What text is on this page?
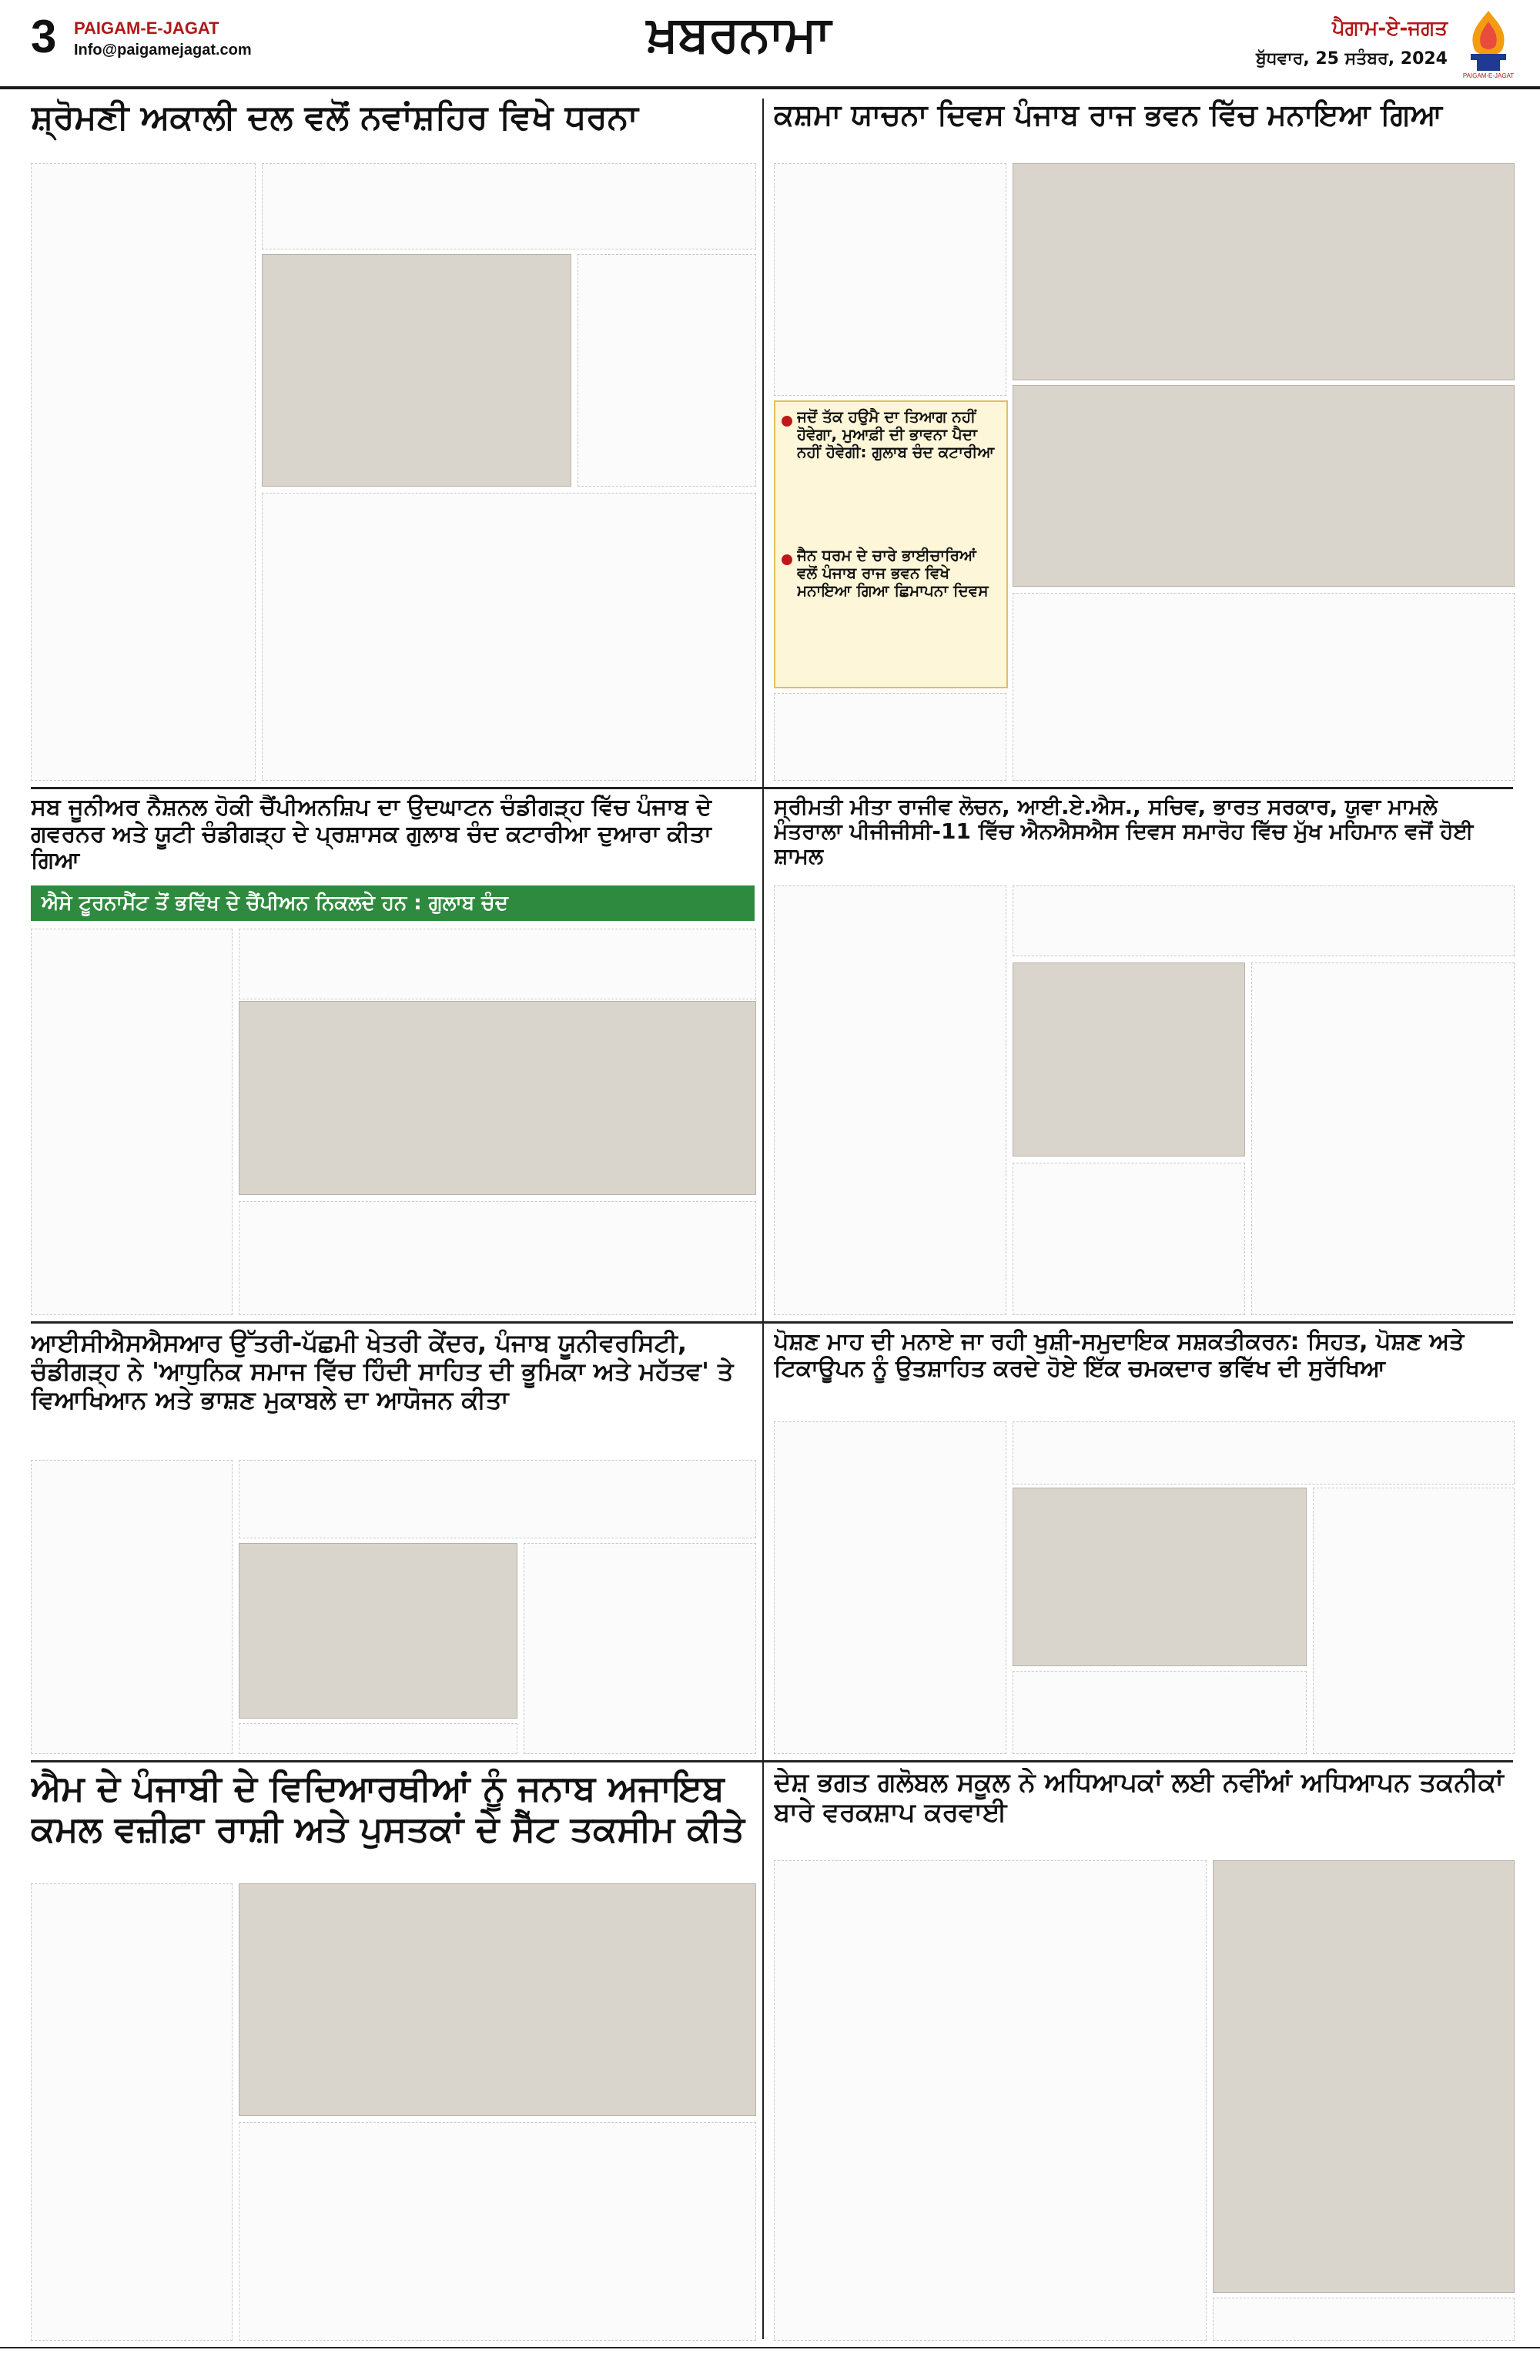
3 PAIGAM-E-JAGAT
Info@paigamejagat.com	ਖ਼ਬਰਨਾਮਾ	ਪੈਗਾਮ-ਏ-ਜਗਤ
ਬੁੱਧਵਾਰ, 25 ਸਤੰਬਰ, 2024
PAIGAM-E-JAGAT
ਸ਼੍ਰੋਮਣੀ ਅਕਾਲੀ ਦਲ ਵਲੋਂ ਨਵਾਂਸ਼ਹਿਰ ਵਿਖੇ ਧਰਨਾ	ਕਸ਼ਮਾ ਯਾਚਨਾ ਦਿਵਸ ਪੰਜਾਬ ਰਾਜ ਭਵਨ ਵਿੱਚ ਮਨਾਇਆ ਗਿਆ
ਜਦੋਂ ਤੱਕ ਹਉਮੈ ਦਾ ਤਿਆਗ ਨਹੀਂ ਹੋਵੇਗਾ, ਮੁਆਫ਼ੀ ਦੀ ਭਾਵਨਾ ਪੈਦਾ ਨਹੀਂ ਹੋਵੇਗੀ: ਗੁਲਾਬ ਚੰਦ ਕਟਾਰੀਆ
ਜੈਨ ਧਰਮ ਦੇ ਚਾਰੇ ਭਾਈਚਾਰਿਆਂ ਵਲੋਂ ਪੰਜਾਬ ਰਾਜ ਭਵਨ ਵਿਖੇ ਮਨਾਇਆ ਗਿਆ ਛਿਮਾਪਨਾ ਦਿਵਸ
ਸਬ ਜੂਨੀਅਰ ਨੈਸ਼ਨਲ ਹੋਕੀ ਚੈਂਪੀਅਨਸ਼ਿਪ ਦਾ ਉਦਘਾਟਨ ਚੰਡੀਗੜ੍ਹ ਵਿੱਚ ਪੰਜਾਬ ਦੇ ਗਵਰਨਰ ਅਤੇ ਯੂਟੀ ਚੰਡੀਗੜ੍ਹ ਦੇ ਪ੍ਰਸ਼ਾਸਕ ਗੁਲਾਬ ਚੰਦ ਕਟਾਰੀਆ ਦੁਆਰਾ ਕੀਤਾ ਗਿਆ
ਐਸੇ ਟੂਰਨਾਮੈਂਟ ਤੋਂ ਭਵਿੱਖ ਦੇ ਚੈਂਪੀਅਨ ਨਿਕਲਦੇ ਹਨ : ਗੁਲਾਬ ਚੰਦ
ਸ੍ਰੀਮਤੀ ਮੀਤਾ ਰਾਜੀਵ ਲੋਚਨ, ਆਈ.ਏ.ਐਸ., ਸਚਿਵ, ਭਾਰਤ ਸਰਕਾਰ, ਯੁਵਾ ਮਾਮਲੇ ਮੰਤਰਾਲਾ ਪੀਜੀਜੀਸੀ-11 ਵਿੱਚ ਐਨਐਸਐਸ ਦਿਵਸ ਸਮਾਰੋਹ ਵਿੱਚ ਮੁੱਖ ਮਹਿਮਾਨ ਵਜੋਂ ਹੋਈ ਸ਼ਾਮਲ
ਆਈਸੀਐਸਐਸਆਰ ਉੱਤਰੀ-ਪੱਛਮੀ ਖੇਤਰੀ ਕੇਂਦਰ, ਪੰਜਾਬ ਯੂਨੀਵਰਸਿਟੀ, ਚੰਡੀਗੜ੍ਹ ਨੇ 'ਆਧੁਨਿਕ ਸਮਾਜ ਵਿੱਚ ਹਿੰਦੀ ਸਾਹਿਤ ਦੀ ਭੂਮਿਕਾ ਅਤੇ ਮਹੱਤਵ' ਤੇ ਵਿਆਖਿਆਨ ਅਤੇ ਭਾਸ਼ਣ ਮੁਕਾਬਲੇ ਦਾ ਆਯੋਜਨ ਕੀਤਾ
ਪੋਸ਼ਣ ਮਾਹ ਦੀ ਮਨਾਏ ਜਾ ਰਹੀ ਖੁਸ਼ੀ-ਸਮੁਦਾਇਕ ਸਸ਼ਕਤੀਕਰਨ: ਸਿਹਤ, ਪੋਸ਼ਣ ਅਤੇ ਟਿਕਾਊਪਨ ਨੂੰ ਉਤਸ਼ਾਹਿਤ ਕਰਦੇ ਹੋਏ ਇੱਕ ਚਮਕਦਾਰ ਭਵਿੱਖ ਦੀ ਸੁਰੱਖਿਆ
ਐਮ ਦੇ ਪੰਜਾਬੀ ਦੇ ਵਿਦਿਆਰਥੀਆਂ ਨੂੰ ਜਨਾਬ ਅਜਾਇਬ ਕਮਲ ਵਜ਼ੀਫ਼ਾ ਰਾਸ਼ੀ ਅਤੇ ਪੁਸਤਕਾਂ ਦੇ ਸੈੱਟ ਤਕਸੀਮ ਕੀਤੇ
ਦੇਸ਼ ਭਗਤ ਗਲੋਬਲ ਸਕੂਲ ਨੇ ਅਧਿਆਪਕਾਂ ਲਈ ਨਵੀਂਆਂ ਅਧਿਆਪਨ ਤਕਨੀਕਾਂ ਬਾਰੇ ਵਰਕਸ਼ਾਪ ਕਰਵਾਈ
